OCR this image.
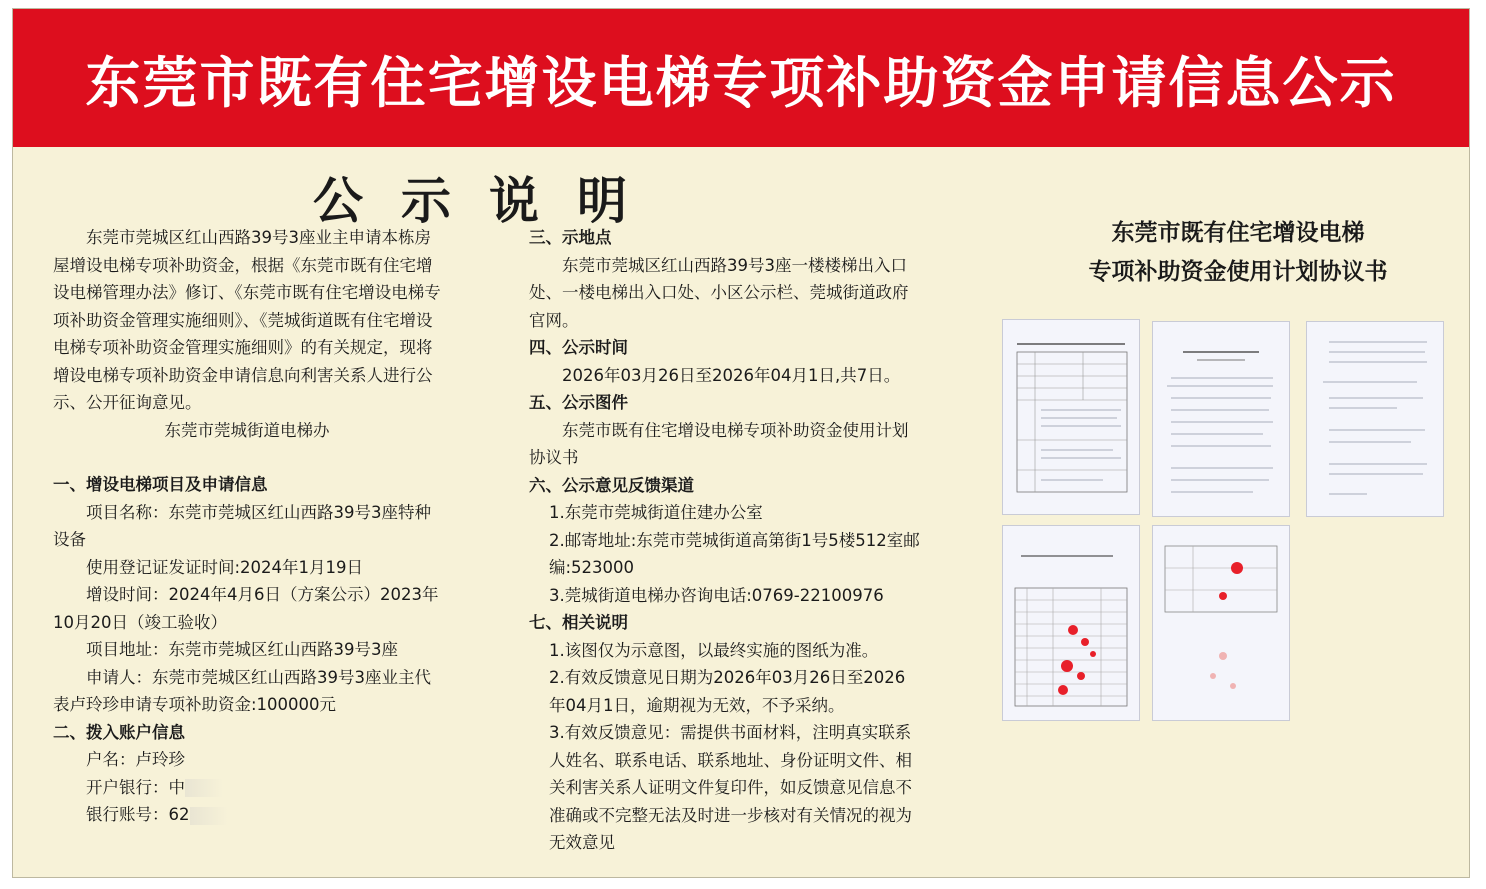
东莞市既有住宅增设电梯专项补助资金申请信息公示
公示说明

东莞市莞城区红山西路39号3座业主申请本栋房屋增设电梯专项补助资金，根据《东莞市既有住宅增设电梯管理办法》修订、《东莞市既有住宅增设电梯专项补助资金管理实施细则》、《莞城街道既有住宅增设电梯专项补助资金管理实施细则》的有关规定，现将增设电梯专项补助资金申请信息向利害关系人进行公示、公开征询意见。

东莞市莞城街道电梯办

一、增设电梯项目及申请信息

项目名称：东莞市莞城区红山西路39号3座特种设备

使用登记证发证时间:2024年1月19日

增设时间：2024年4月6日（方案公示）2023年10月20日（竣工验收）

项目地址：东莞市莞城区红山西路39号3座

申请人：东莞市莞城区红山西路39号3座业主代表卢玲珍申请专项补助资金:100000元

二、拨入账户信息

户名：卢玲珍

开户银行：中

银行账号：62

三、示地点

东莞市莞城区红山西路39号3座一楼楼梯出入口处、一楼电梯出入口处、小区公示栏、莞城街道政府官网。

四、公示时间

2026年03月26日至2026年04月1日,共7日。

五、公示图件

东莞市既有住宅增设电梯专项补助资金使用计划协议书

六、公示意见反馈渠道

1.东莞市莞城街道住建办公室

2.邮寄地址:东莞市莞城街道高第街1号5楼512室邮编:523000

3.莞城街道电梯办咨询电话:0769-22100976

七、相关说明

1.该图仅为示意图，以最终实施的图纸为准。

2.有效反馈意见日期为2026年03月26日至2026年04月1日，逾期视为无效，不予采纳。

3.有效反馈意见：需提供书面材料，注明真实联系人姓名、联系电话、联系地址、身份证明文件、相关利害关系人证明文件复印件，如反馈意见信息不准确或不完整无法及时进一步核对有关情况的视为无效意见

东莞市既有住宅增设电梯
专项补助资金使用计划协议书
